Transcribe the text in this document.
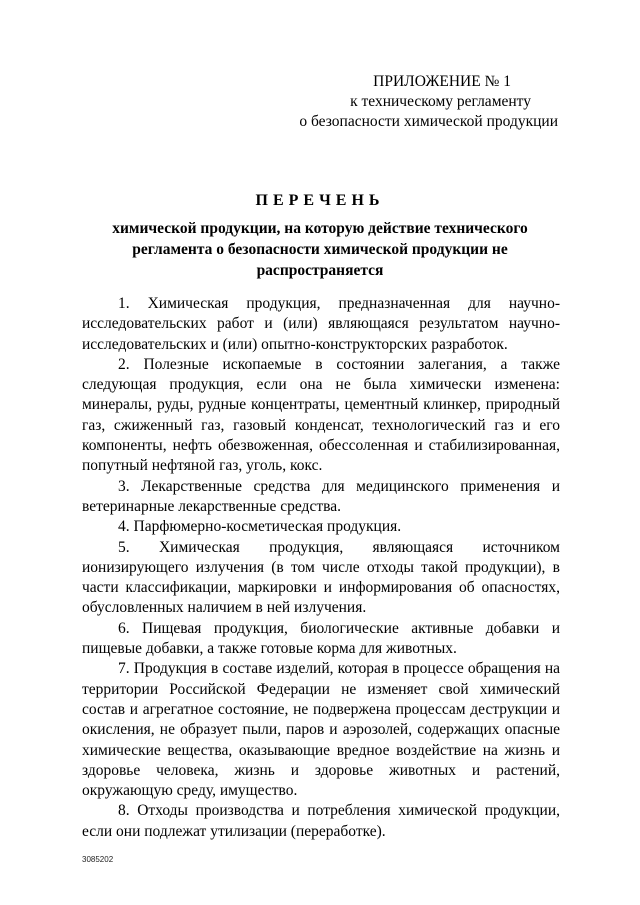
ПРИЛОЖЕНИЕ № 1
к техническому регламенту
о безопасности химической продукции
ПЕРЕЧЕНЬ
химической продукции, на которую действие технического регламента о безопасности химической продукции не распространяется

1. Химическая продукция, предназначенная для научно-исследовательских работ и (или) являющаяся результатом научно-исследовательских и (или) опытно-конструкторских разработок.

2. Полезные ископаемые в состоянии залегания, а также следующая продукция, если она не была химически изменена: минералы, руды, рудные концентраты, цементный клинкер, природный газ, сжиженный газ, газовый конденсат, технологический газ и его компоненты, нефть обезвоженная, обессоленная и стабилизированная, попутный нефтяной газ, уголь, кокс.

3. Лекарственные средства для медицинского применения и ветеринарные лекарственные средства.

4. Парфюмерно-косметическая продукция.

5. Химическая продукция, являющаяся источником ионизирующего излучения (в том числе отходы такой продукции), в части классификации, маркировки и информирования об опасностях, обусловленных наличием в ней излучения.

6. Пищевая продукция, биологические активные добавки и пищевые добавки, а также готовые корма для животных.

7. Продукция в составе изделий, которая в процессе обращения на территории Российской Федерации не изменяет свой химический состав и агрегатное состояние, не подвержена процессам деструкции и окисления, не образует пыли, паров и аэрозолей, содержащих опасные химические вещества, оказывающие вредное воздействие на жизнь и здоровье человека, жизнь и здоровье животных и растений, окружающую среду, имущество.

8. Отходы производства и потребления химической продукции, если они подлежат утилизации (переработке).

3085202
